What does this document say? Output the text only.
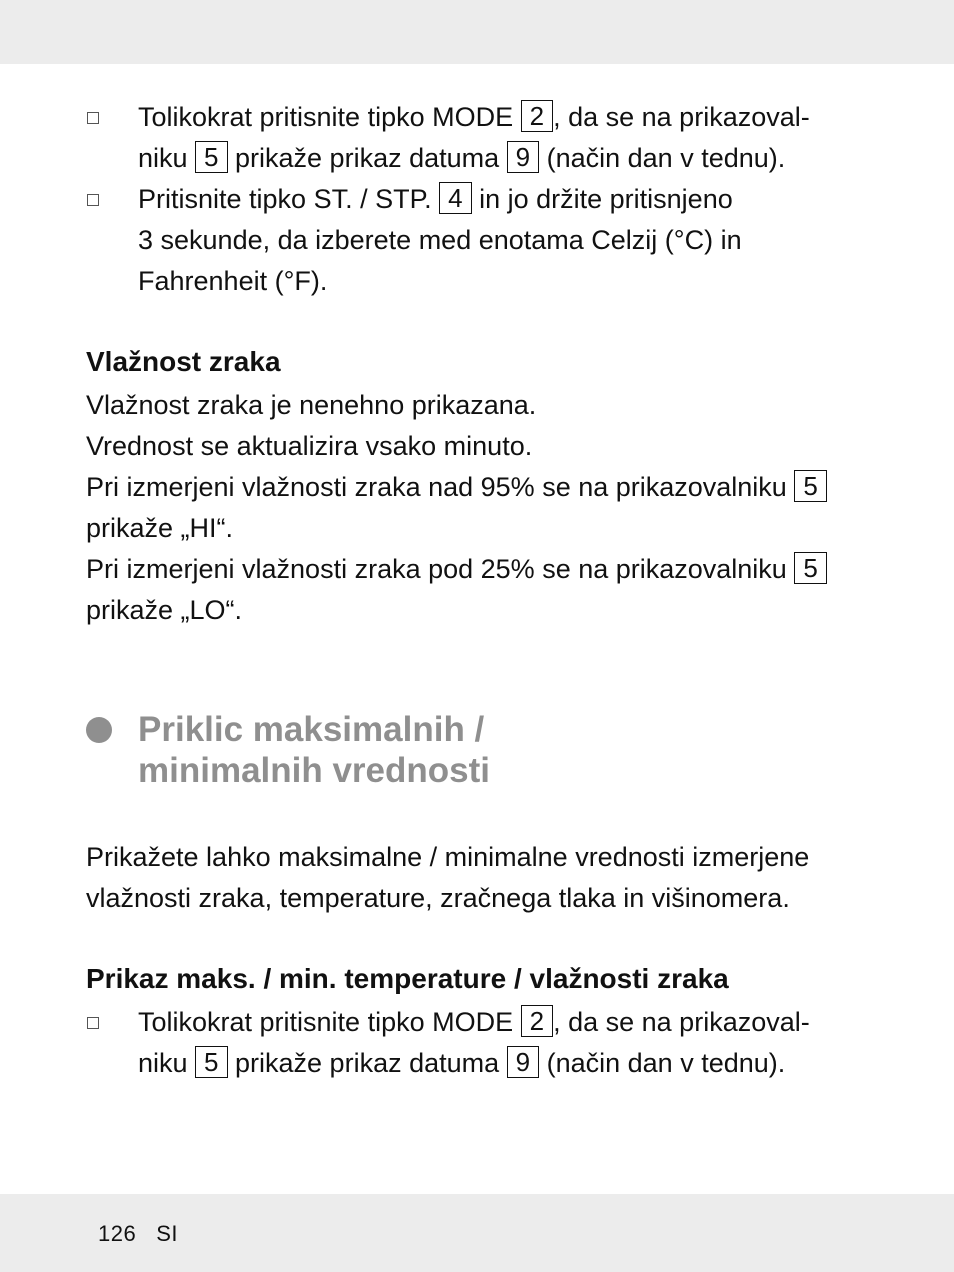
Tolikokrat pritisnite tipko MODE 2 , da se na prikazoval-
niku 5 prikaže prikaz datuma 9 (način dan v tednu).
Pritisnite tipko ST. / STP. 4 in jo držite pritisnjeno
3 sekunde, da izberete med enotama Celzij (°C) in
Fahrenheit (°F).
Vlažnost zraka
Vlažnost zraka je nenehno prikazana.
Vrednost se aktualizira vsako minuto.
Pri izmerjeni vlažnosti zraka nad 95% se na prikazovalniku 5
prikaže „HI“.
Pri izmerjeni vlažnosti zraka pod 25% se na prikazovalniku 5
prikaže „LO“.
Priklic maksimalnih /
minimalnih vrednosti
Prikažete lahko maksimalne / minimalne vrednosti izmerjene
vlažnosti zraka, temperature, zračnega tlaka in višinomera.
Prikaz maks. / min. temperature / vlažnosti zraka
Tolikokrat pritisnite tipko MODE 2 , da se na prikazoval-
niku 5 prikaže prikaz datuma 9 (način dan v tednu).
126 SI
